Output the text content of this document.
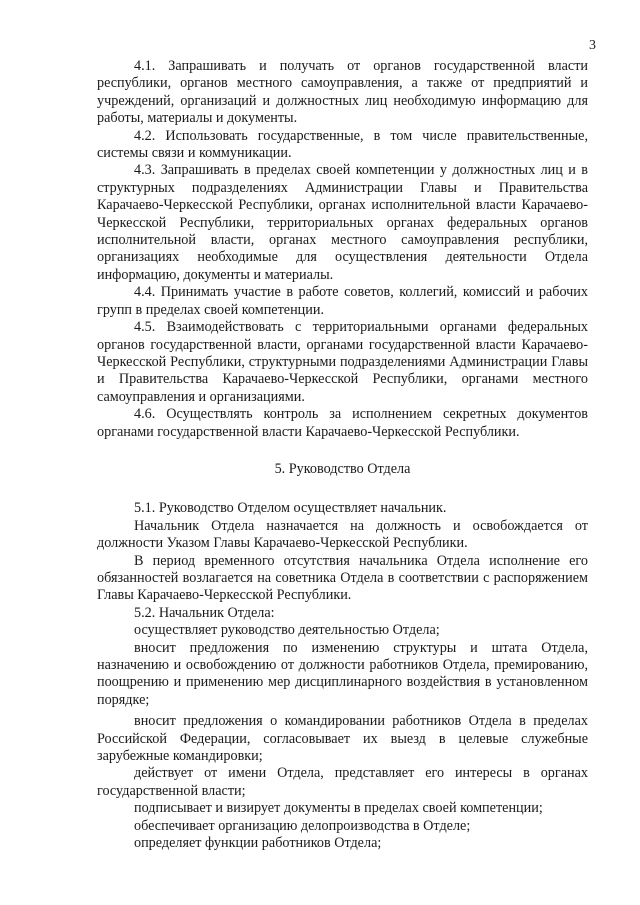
3

4.1. Запрашивать и получать от органов государственной власти республики, органов местного самоуправления, а также от предприятий и учреждений, организаций и должностных лиц необходимую информацию для работы, материалы и документы.

4.2. Использовать государственные, в том числе правительственные, системы связи и коммуникации.

4.3. Запрашивать в пределах своей компетенции у должностных лиц и в структурных подразделениях Администрации Главы и Правительства Карачаево-Черкесской Республики, органах исполнительной власти Карачаево-Черкесской Республики, территориальных органах федеральных органов исполнительной власти, органах местного самоуправления республики, организациях необходимые для осуществления деятельности Отдела информацию, документы и материалы.

4.4. Принимать участие в работе советов, коллегий, комиссий и рабочих групп в пределах своей компетенции.

4.5. Взаимодействовать с территориальными органами федеральных органов государственной власти, органами государственной власти Карачаево-Черкесской Республики, структурными подразделениями Администрации Главы и Правительства Карачаево-Черкесской Республики, органами местного самоуправления и организациями.

4.6. Осуществлять контроль за исполнением секретных документов органами государственной власти Карачаево-Черкесской Республики.

5. Руководство Отдела

5.1. Руководство Отделом осуществляет начальник.

Начальник Отдела назначается на должность и освобождается от должности Указом Главы Карачаево-Черкесской Республики.

В период временного отсутствия начальника Отдела исполнение его обязанностей возлагается на советника Отдела в соответствии с распоряжением Главы Карачаево-Черкесской Республики.

5.2. Начальник Отдела:

осуществляет руководство деятельностью Отдела;

вносит предложения по изменению структуры и штата Отдела, назначению и освобождению от должности работников Отдела, премированию, поощрению и применению мер дисциплинарного воздействия в установленном порядке;

вносит предложения о командировании работников Отдела в пределах Российской Федерации, согласовывает их выезд в целевые служебные зарубежные командировки;

действует от имени Отдела, представляет его интересы в органах государственной власти;

подписывает и визирует документы в пределах своей компетенции;

обеспечивает организацию делопроизводства в Отделе;

определяет функции работников Отдела;
